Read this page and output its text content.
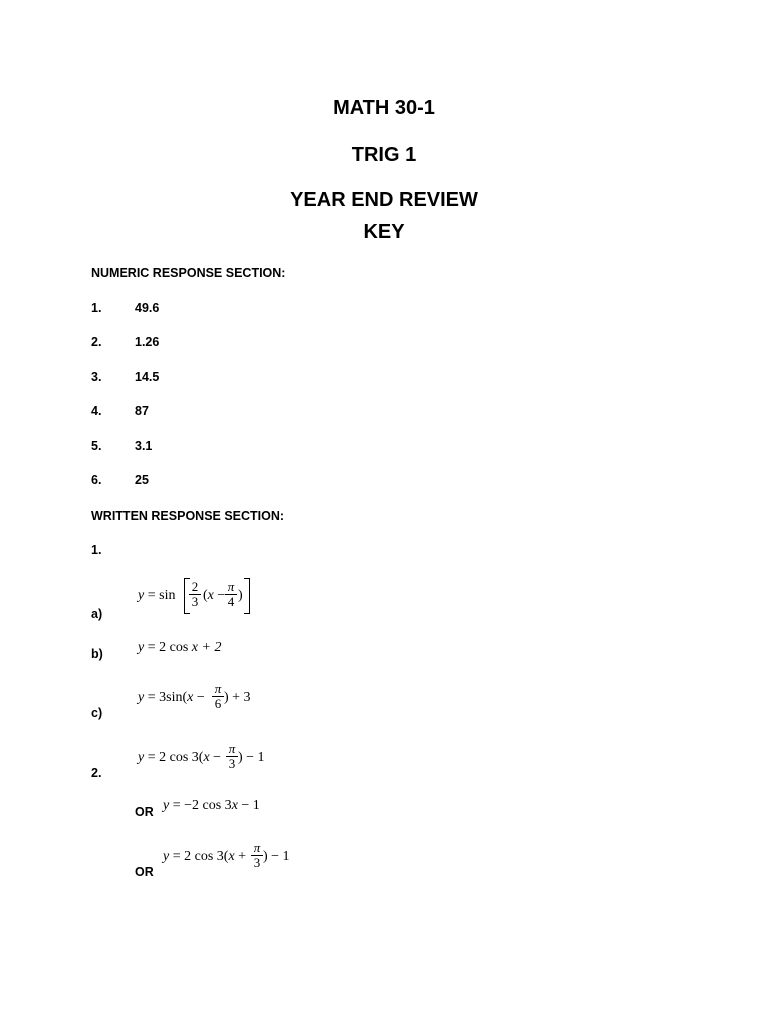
MATH 30-1
TRIG 1
YEAR END REVIEW
KEY
NUMERIC RESPONSE SECTION:
1.	49.6
2.	1.26
3.	14.5
4.	87
5.	3.1
6.	25
WRITTEN RESPONSE SECTION:
1.
a)
$y = \sin \frac{2}{3} (x - \frac{\pi}{4}$ )
b)	y = 2 cos x + 2
c)
$y = 3\sin(x - \frac{\pi}{6}$ ) + 3
2.
y = 2 $\cos 3(x - \frac{\pi}{3}$ ) − 1
OR y = −2 cos 3x − 1
OR
y = 2 $\cos 3(x + \frac{\pi}{3}$ ) − 1
